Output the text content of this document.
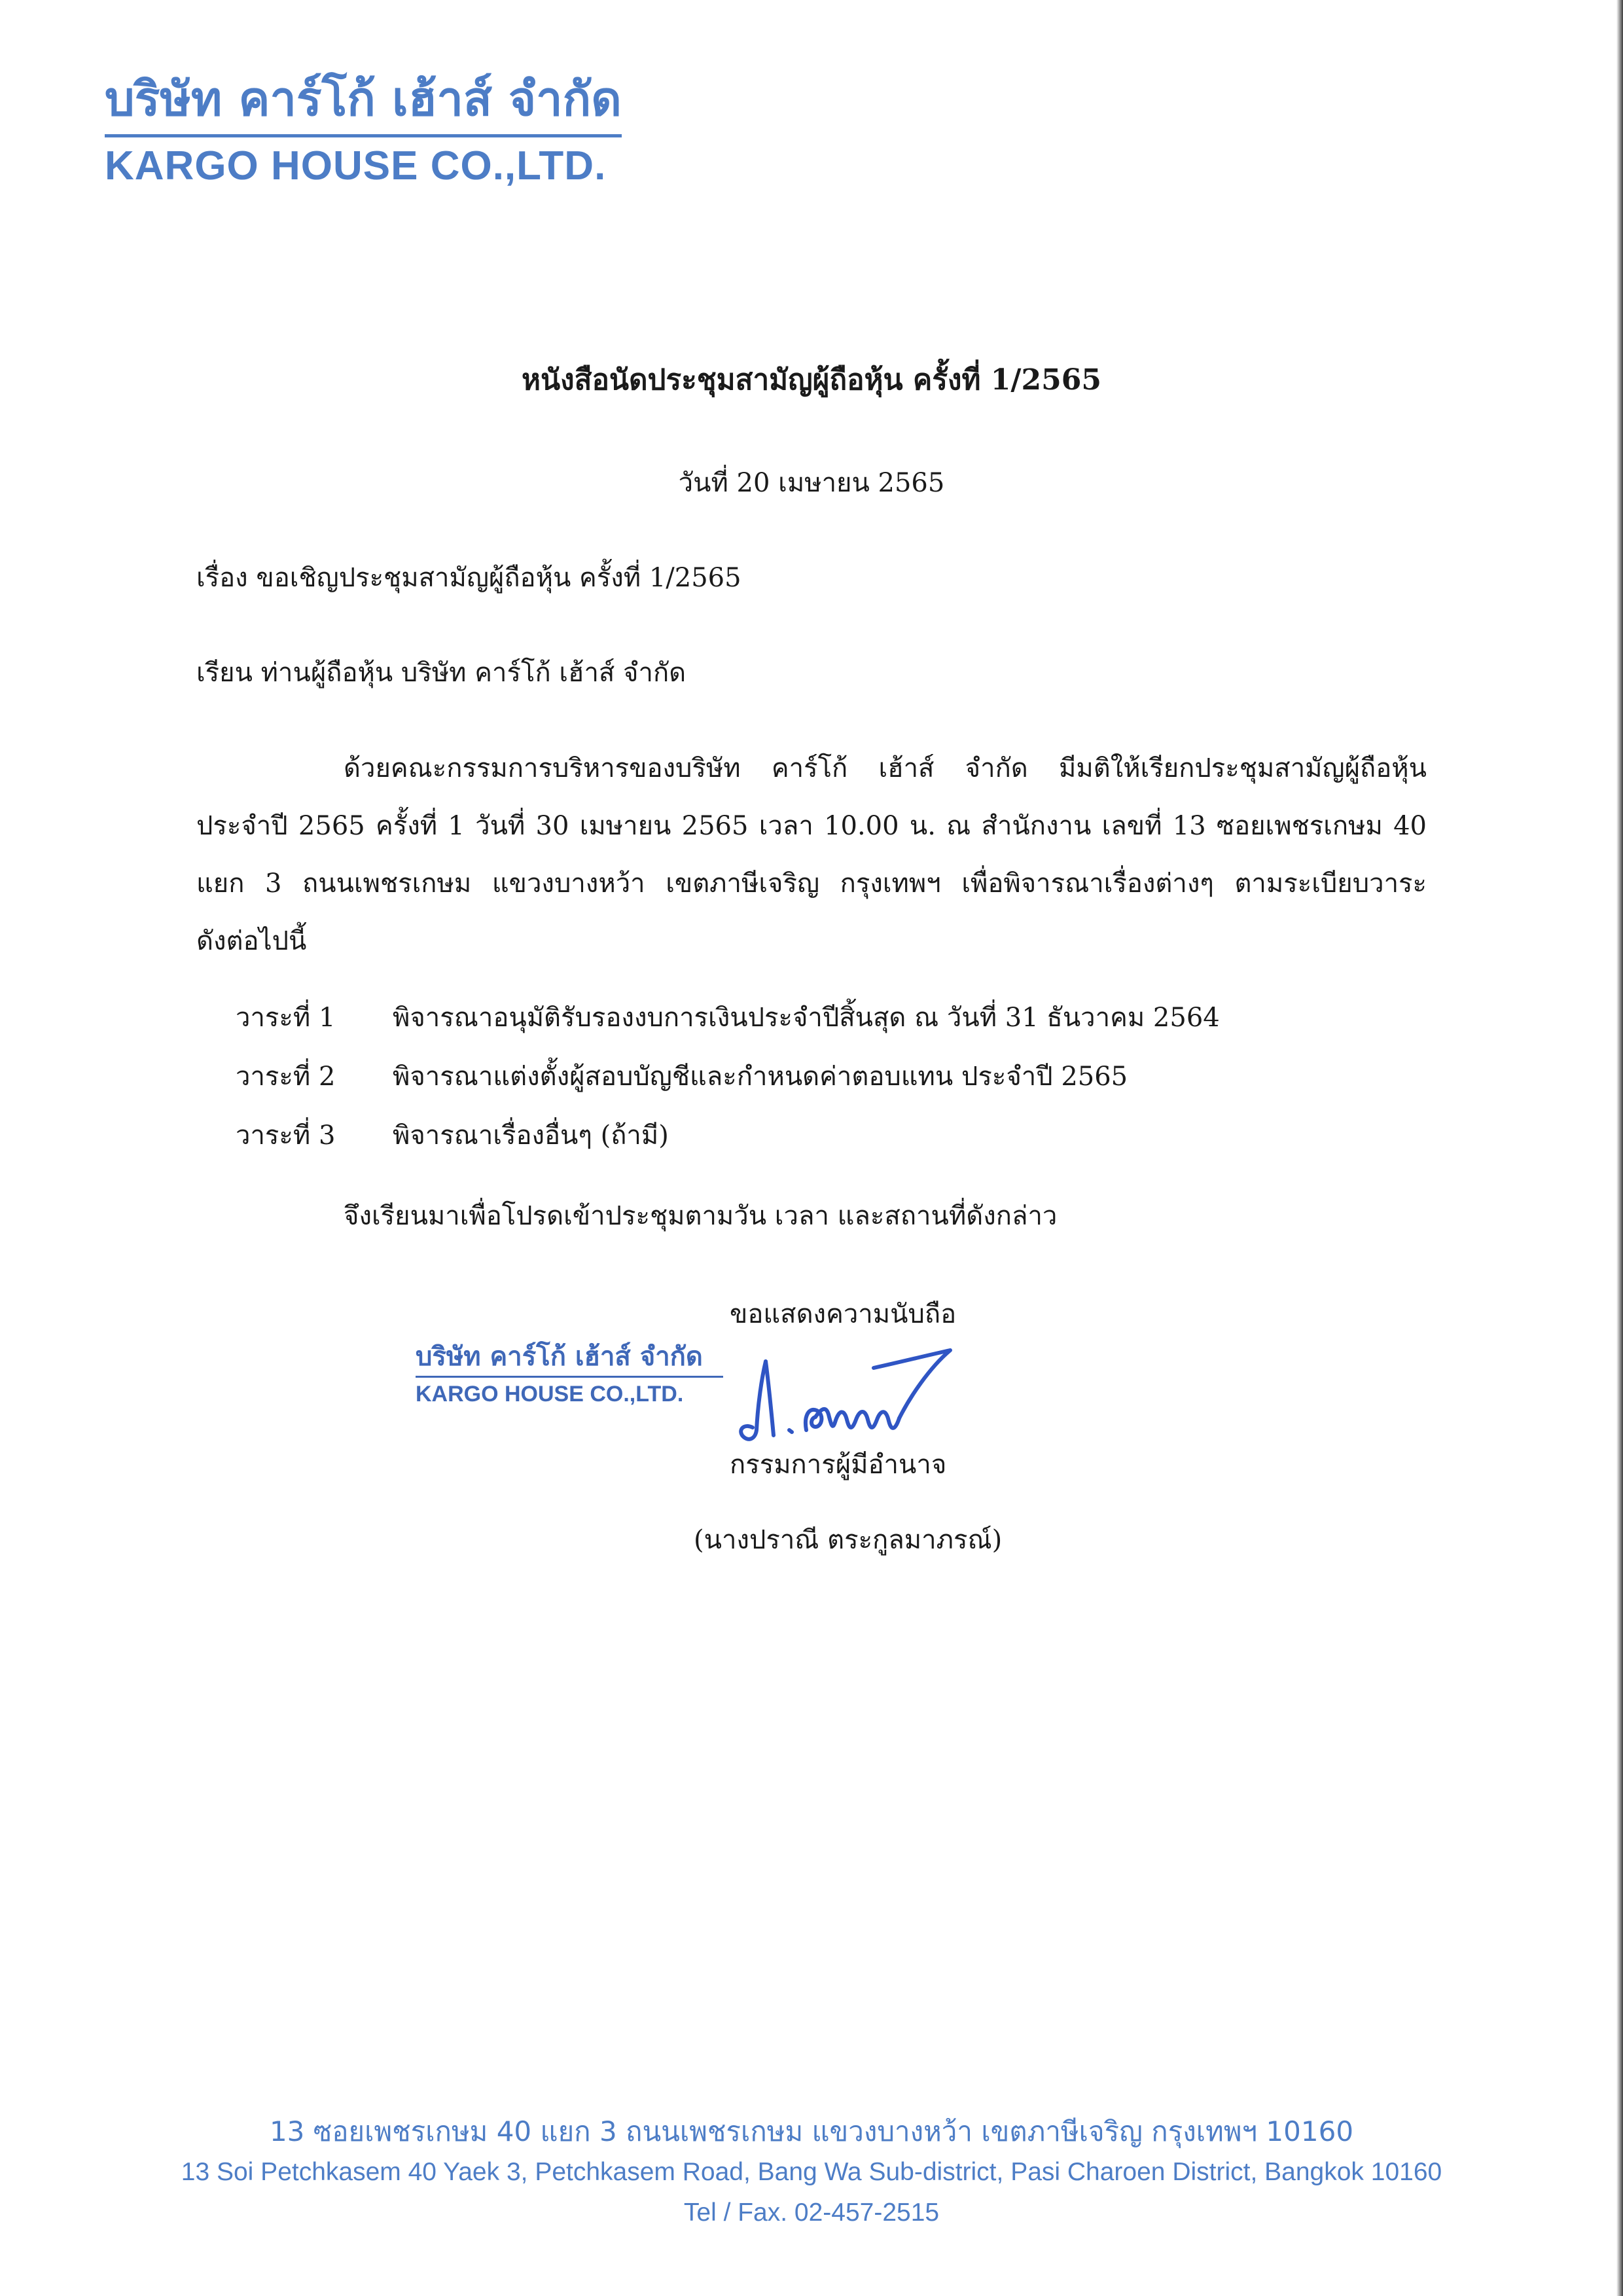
บริษัท คาร์โก้ เฮ้าส์ จำกัด
KARGO HOUSE CO.,LTD.
หนังสือนัดประชุมสามัญผู้ถือหุ้น ครั้งที่ 1/2565
วันที่ 20 เมษายน 2565
เรื่อง ขอเชิญประชุมสามัญผู้ถือหุ้น ครั้งที่ 1/2565
เรียน ท่านผู้ถือหุ้น บริษัท คาร์โก้ เฮ้าส์ จำกัด
ด้วยคณะกรรมการบริหารของบริษัท คาร์โก้ เฮ้าส์ จำกัด มีมติให้เรียกประชุมสามัญผู้ถือหุ้น
ประจำปี 2565 ครั้งที่ 1 วันที่ 30 เมษายน 2565 เวลา 10.00 น. ณ สำนักงาน เลขที่ 13 ซอยเพชรเกษม 40
แยก 3 ถนนเพชรเกษม แขวงบางหว้า เขตภาษีเจริญ กรุงเทพฯ เพื่อพิจารณาเรื่องต่างๆ ตามระเบียบวาระ
ดังต่อไปนี้
วาระที่ 1	พิจารณาอนุมัติรับรองงบการเงินประจำปีสิ้นสุด ณ วันที่ 31 ธันวาคม 2564
วาระที่ 2	พิจารณาแต่งตั้งผู้สอบบัญชีและกำหนดค่าตอบแทน ประจำปี 2565
วาระที่ 3	พิจารณาเรื่องอื่นๆ (ถ้ามี)
จึงเรียนมาเพื่อโปรดเข้าประชุมตามวัน เวลา และสถานที่ดังกล่าว
ขอแสดงความนับถือ
บริษัท คาร์โก้ เฮ้าส์ จำกัด
KARGO HOUSE CO.,LTD.
กรรมการผู้มีอำนาจ
(นางปราณี ตระกูลมาภรณ์)
13 ซอยเพชรเกษม 40 แยก 3 ถนนเพชรเกษม แขวงบางหว้า เขตภาษีเจริญ กรุงเทพฯ 10160
13 Soi Petchkasem 40 Yaek 3, Petchkasem Road, Bang Wa Sub-district, Pasi Charoen District, Bangkok 10160
Tel / Fax. 02-457-2515
